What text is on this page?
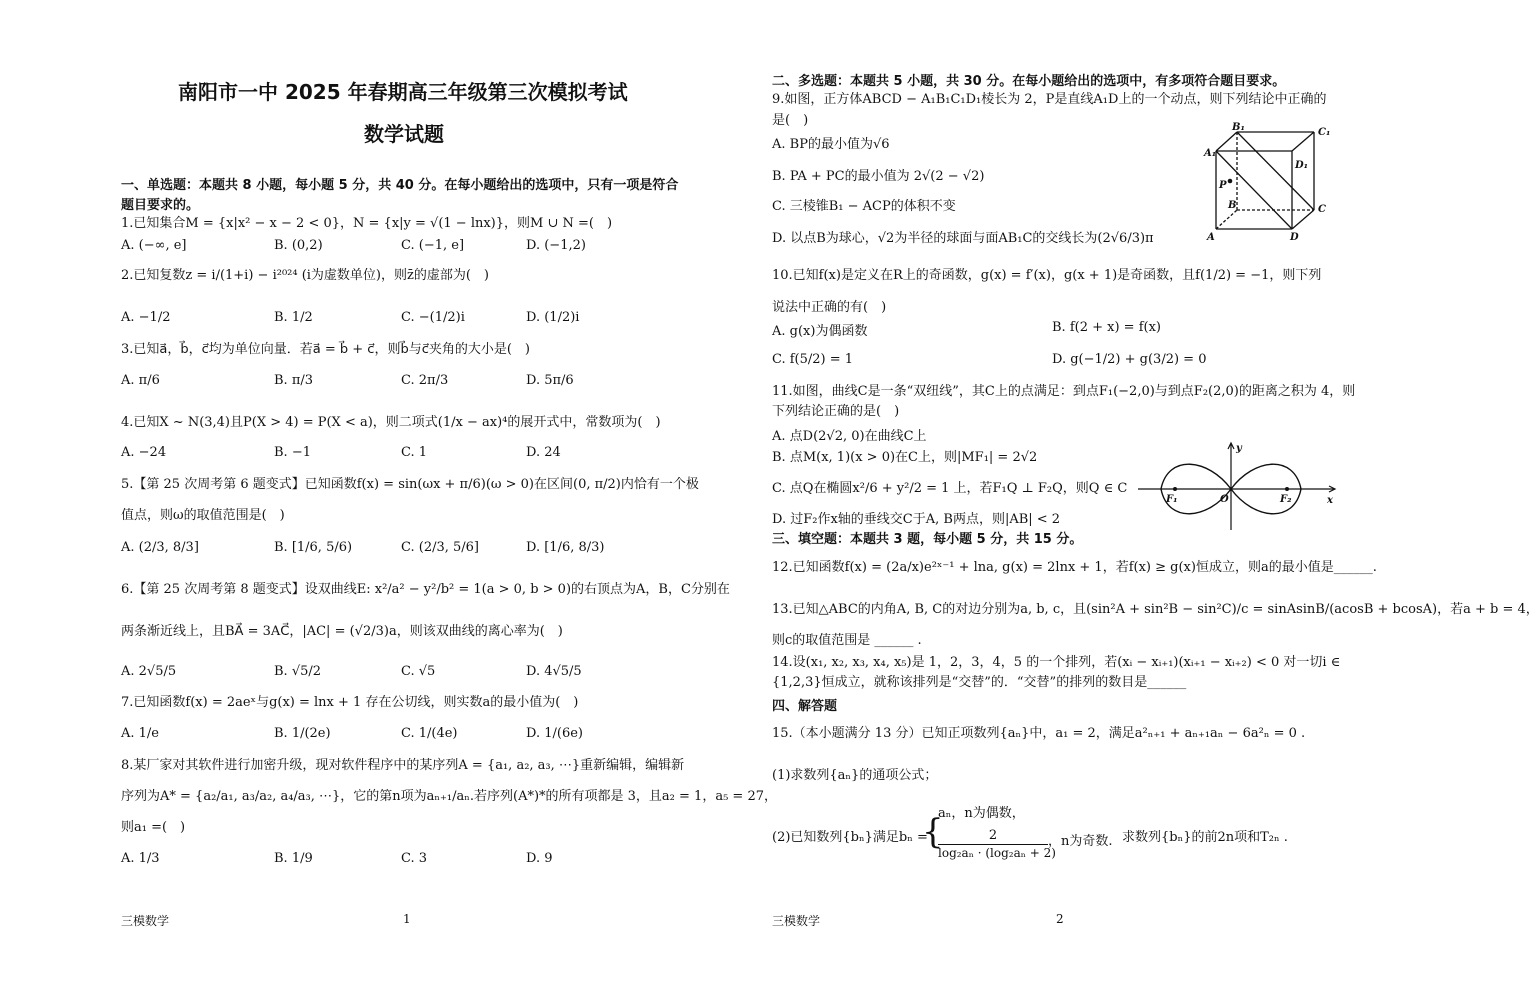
南阳市一中 2025 年春期高三年级第三次模拟考试
数学试题
一、单选题：本题共 8 小题，每小题 5 分，共 40 分。在每小题给出的选项中，只有一项是符合
题目要求的。
1.已知集合M = {x|x² − x − 2 < 0}，N = {x|y = √(1 − lnx)}，则M ∪ N =(　)
A. (−∞, e]	B. (0,2)	C. (−1, e]	D. (−1,2)
2.已知复数z = i/(1+i) − i²⁰²⁴ (i为虚数单位)，则z̄的虚部为(　)
A. −1/2	B. 1/2	C. −(1/2)i	D. (1/2)i
3.已知a⃗，b⃗，c⃗均为单位向量．若a⃗ = b⃗ + c⃗，则b⃗与c⃗夹角的大小是(　)
A. π/6	B. π/3	C. 2π/3	D. 5π/6
4.已知X ~ N(3,4)且P(X > 4) = P(X < a)，则二项式(1/x − ax)⁴的展开式中，常数项为(　)
A. −24	B. −1	C. 1	D. 24
5.【第 25 次周考第 6 题变式】已知函数f(x) = sin(ωx + π/6)(ω > 0)在区间(0, π/2)内恰有一个极
值点，则ω的取值范围是(　)
A. (2/3, 8/3]	B. [1/6, 5/6)	C. (2/3, 5/6]	D. [1/6, 8/3)
6.【第 25 次周考第 8 题变式】设双曲线E: x²/a² − y²/b² = 1(a > 0, b > 0)的右顶点为A，B，C分别在
两条渐近线上，且BA⃗ = 3AC⃗，|AC| = (√2/3)a，则该双曲线的离心率为(　)
A. 2√5/5	B. √5/2	C. √5	D. 4√5/5
7.已知函数f(x) = 2aeˣ与g(x) = lnx + 1 存在公切线，则实数a的最小值为(　)
A. 1/e	B. 1/(2e)	C. 1/(4e)	D. 1/(6e)
8.某厂家对其软件进行加密升级，现对软件程序中的某序列A = {a₁, a₂, a₃, ⋯}重新编辑，编辑新
序列为A* = {a₂/a₁, a₃/a₂, a₄/a₃, ⋯}，它的第n项为aₙ₊₁/aₙ.若序列(A*)*的所有项都是 3，且a₂ = 1，a₅ = 27，
则a₁ =(　)
A. 1/3	B. 1/9	C. 3	D. 9
三模数学	1
二、多选题：本题共 5 小题，共 30 分。在每小题给出的选项中，有多项符合题目要求。
9.如图，正方体ABCD − A₁B₁C₁D₁棱长为 2，P是直线A₁D上的一个动点，则下列结论中正确的
是(　)
A. BP的最小值为√6
B. PA + PC的最小值为 2√(2 − √2)
C. 三棱锥B₁ − ACP的体积不变
D. 以点B为球心，√2为半径的球面与面AB₁C的交线长为(2√6/3)π
B₁	C₁
A₁
D₁
P
B	C
A	D
10.已知f(x)是定义在R上的奇函数，g(x) = f′(x)，g(x + 1)是奇函数，且f(1/2) = −1，则下列
说法中正确的有(　)
A. g(x)为偶函数	B. f(2 + x) = f(x)
C. f(5/2) = 1	D. g(−1/2) + g(3/2) = 0
11.如图，曲线C是一条“双纽线”，其C上的点满足：到点F₁(−2,0)与到点F₂(2,0)的距离之积为 4，则
下列结论正确的是(　)
A. 点D(2√2, 0)在曲线C上
B. 点M(x, 1)(x > 0)在C上，则|MF₁| = 2√2
C. 点Q在椭圆x²/6 + y²/2 = 1 上，若F₁Q ⊥ F₂Q，则Q ∈ C
D. 过F₂作x轴的垂线交C于A, B两点，则|AB| < 2
y
x
F₁	O	F₂
三、填空题：本题共 3 题，每小题 5 分，共 15 分。
12.已知函数f(x) = (2a/x)e²ˣ⁻¹ + lna, g(x) = 2lnx + 1，若f(x) ≥ g(x)恒成立，则a的最小值是______.
13.已知△ABC的内角A, B, C的对边分别为a, b, c，且(sin²A + sin²B − sin²C)/c = sinAsinB/(acosB + bcosA)，若a + b = 4，
则c的取值范围是 ______ .
14.设(x₁, x₂, x₃, x₄, x₅)是 1，2，3，4，5 的一个排列，若(xᵢ − xᵢ₊₁)(xᵢ₊₁ − xᵢ₊₂) < 0 对一切i ∈
{1,2,3}恒成立，就称该排列是“交替”的．“交替”的排列的数目是______
四、解答题
15.（本小题满分 13 分）已知正项数列{aₙ}中，a₁ = 2，满足a²ₙ₊₁ + aₙ₊₁aₙ − 6a²ₙ = 0 .
(1)求数列{aₙ}的通项公式；
(2)已知数列{bₙ}满足bₙ =
{
aₙ，n为偶数，
$\frac{2}{\text{log₂aₙ · (log₂aₙ + 2)}}$ ，n为奇数. 求数列{bₙ}的前2n项和T₂ₙ .
三模数学	2
